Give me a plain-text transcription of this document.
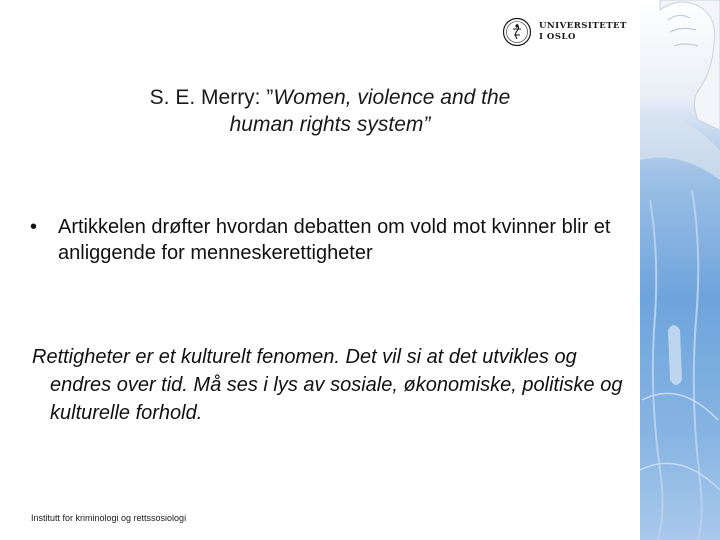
UNIVERSITETET
I OSLO
S. E. Merry: ”Women, violence and the human rights system”
• Artikkelen drøfter hvordan debatten om vold mot kvinner blir et anliggende for menneskerettigheter
Rettigheter er et kulturelt fenomen. Det vil si at det utvikles og endres over tid. Må ses i lys av sosiale, økonomiske, politiske og kulturelle forhold.
Institutt for kriminologi og rettssosiologi
